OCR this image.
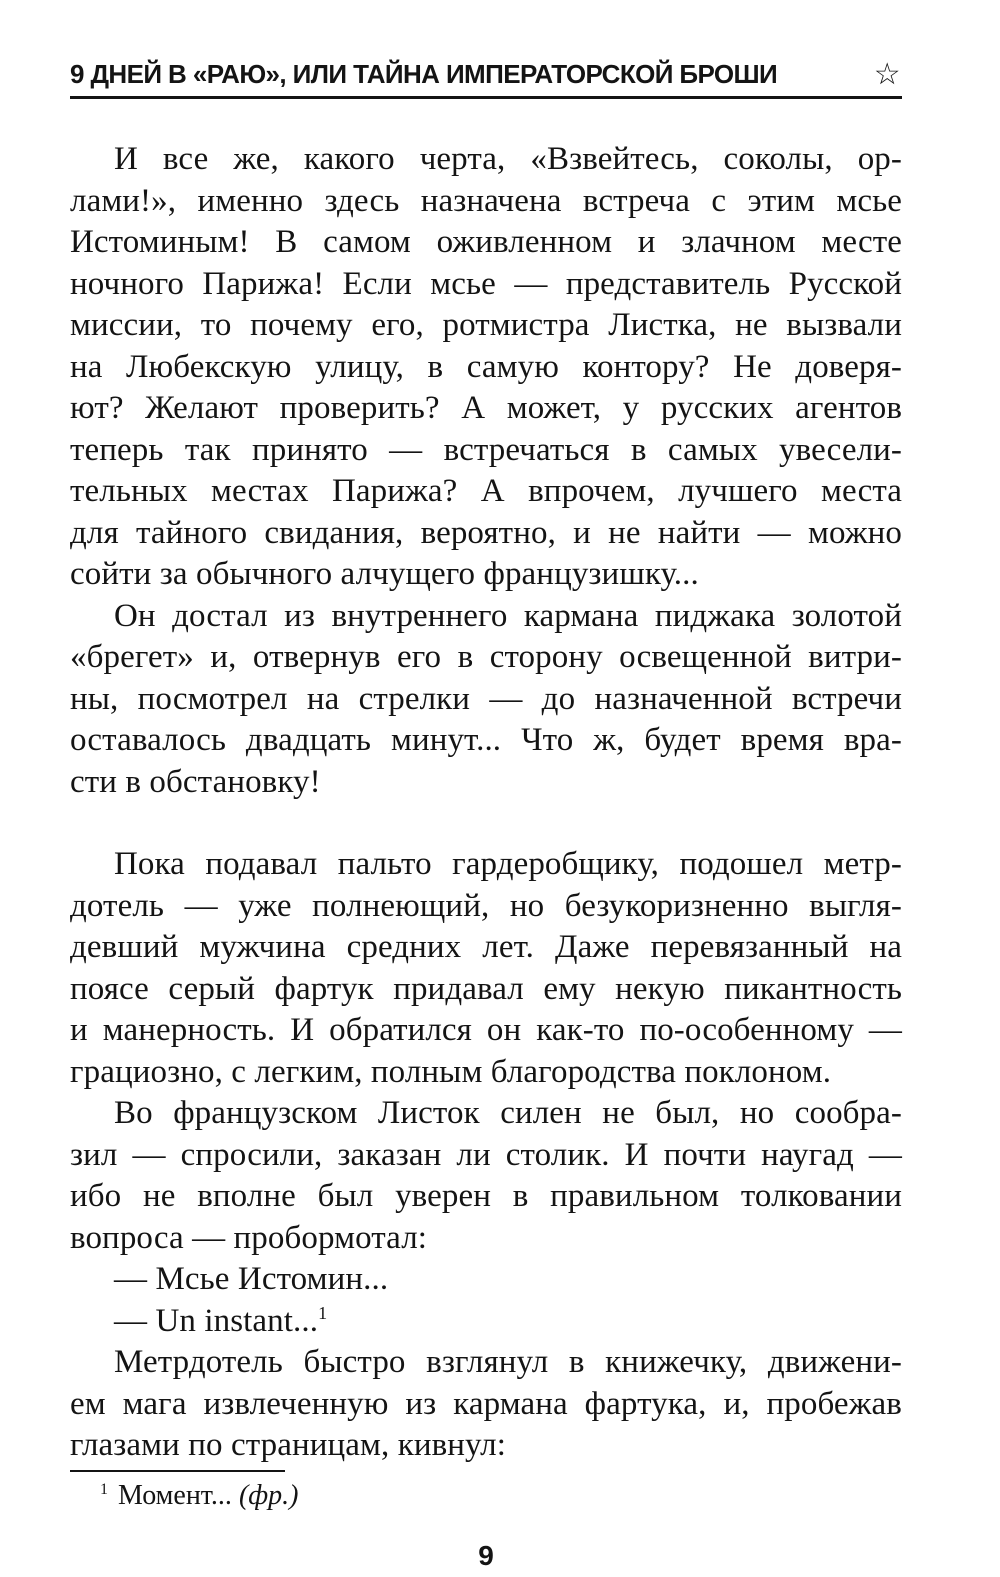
9 ДНЕЙ В «РАЮ», ИЛИ ТАЙНА ИМПЕРАТОРСКОЙ БРОШИ	☆

И все же, какого черта, «Взвейтесь, соколы, ор-
лами!», именно здесь назначена встреча с этим мсье
Истоминым! В самом оживленном и злачном месте
ночного Парижа! Если мсье — представитель Русской
миссии, то почему его, ротмистра Листка, не вызвали
на Любекскую улицу, в самую контору? Не доверя-
ют? Желают проверить? А может, у русских агентов
теперь так принято — встречаться в самых увесели-
тельных местах Парижа? А впрочем, лучшего места
для тайного свидания, вероятно, и не найти — можно
сойти за обычного алчущего французишку...

Он достал из внутреннего кармана пиджака золотой
«брегет» и, отвернув его в сторону освещенной витри-
ны, посмотрел на стрелки — до назначенной встречи
оставалось двадцать минут... Что ж, будет время вра-
сти в обстановку!

Пока подавал пальто гардеробщику, подошел метр-
дотель — уже полнеющий, но безукоризненно выгля-
девший мужчина средних лет. Даже перевязанный на
поясе серый фартук придавал ему некую пикантность
и манерность. И обратился он как-то по-особенному —
грациозно, с легким, полным благородства поклоном.

Во французском Листок силен не был, но сообра-
зил — спросили, заказан ли столик. И почти наугад —
ибо не вполне был уверен в правильном толковании
вопроса — пробормотал:

— Мсье Истомин...

— Un instant...$^1$

Метрдотель быстро взглянул в книжечку, движени-
ем мага извлеченную из кармана фартука, и, пробежав
глазами по страницам, кивнул:

$^1$ Момент... (фр.)
9
